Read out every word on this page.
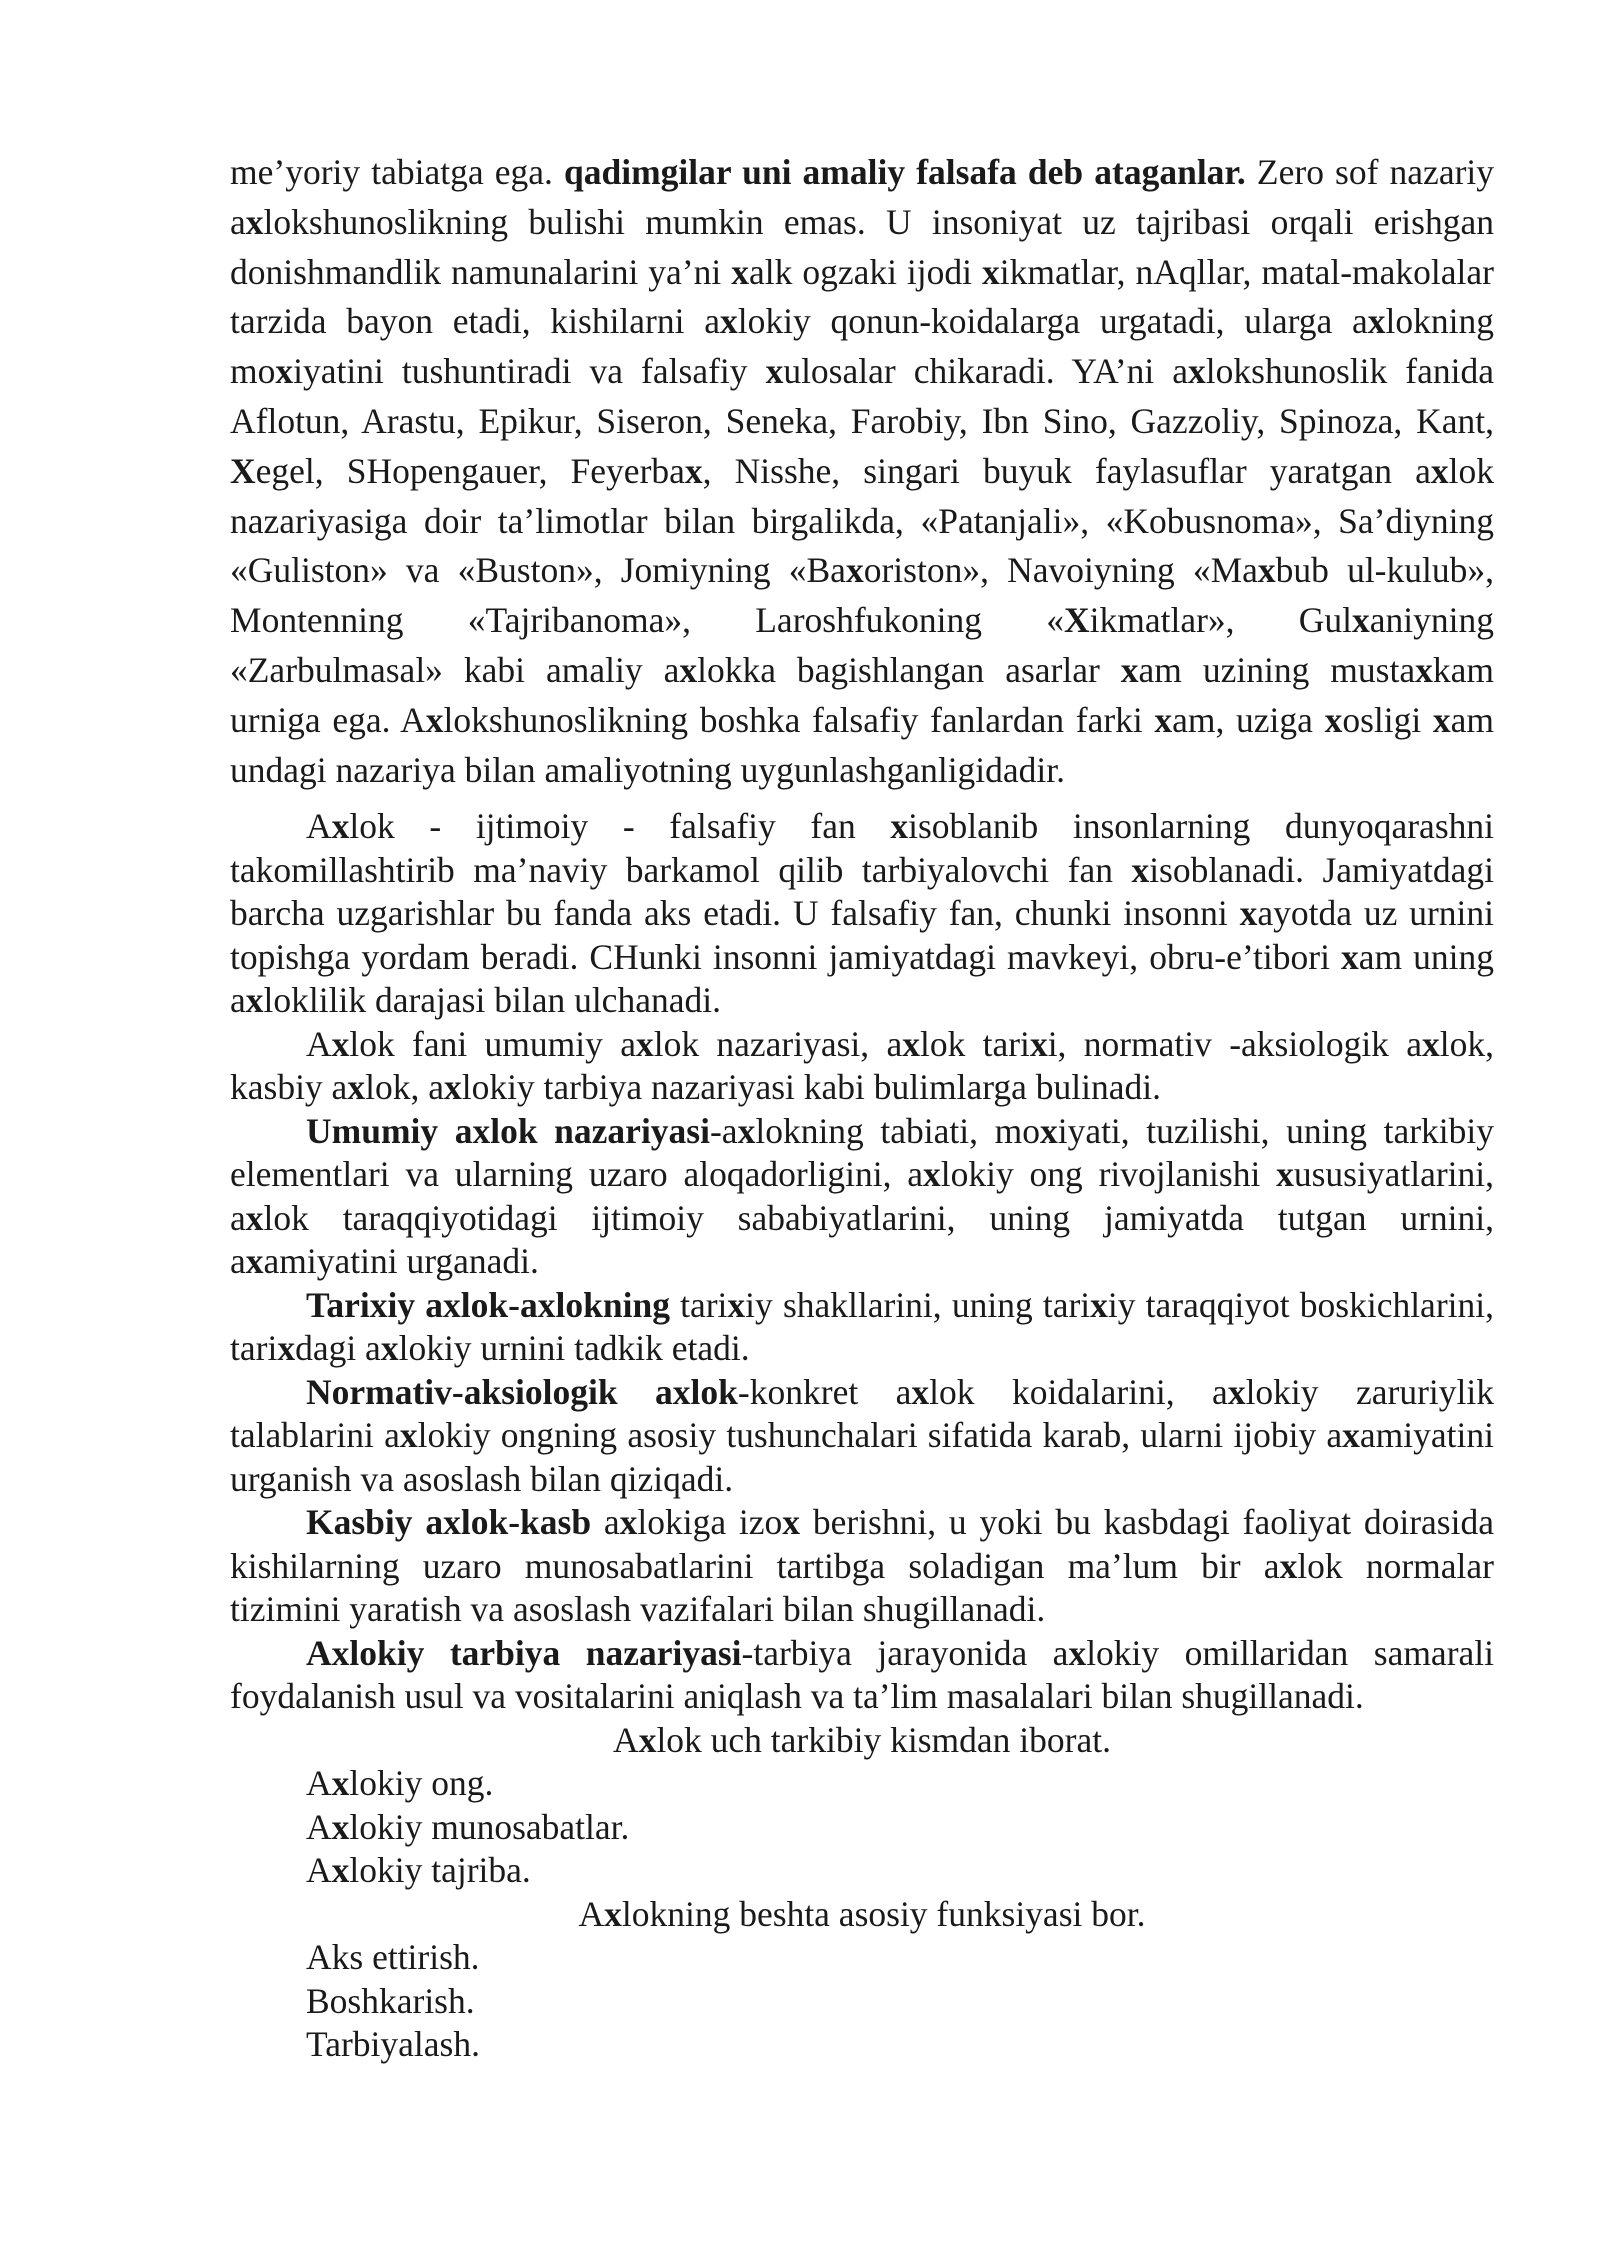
me’yoriy tabiatga ega. qadimgilar uni amaliy falsafa deb ataganlar. Zero sof nazariy axlokshunoslikning bulishi mumkin emas. U insoniyat uz tajribasi orqali erishgan donishmandlik namunalarini ya’ni xalk ogzaki ijodi xikmatlar, nAqllar, matal-makolalar tarzida bayon etadi, kishilarni axlokiy qonun-koidalarga urgatadi, ularga axlokning moxiyatini tushuntiradi va falsafiy xulosalar chikaradi. YA’ni axlokshunoslik fanida Aflotun, Arastu, Epikur, Siseron, Seneka, Farobiy, Ibn Sino, Gazzoliy, Spinoza, Kant, Xegel, SHopengauer, Feyerbax, Nisshe, singari buyuk faylasuflar yaratgan axlok nazariyasiga doir ta’limotlar bilan birgalikda, «Patanjali», «Kobusnoma», Sa’diyning «Guliston» va «Buston», Jomiyning «Baxoriston», Navoiyning «Maxbub ul-kulub», Montenning «Tajribanoma», Laroshfukoning «Xikmatlar», Gulxaniyning «Zarbulmasal» kabi amaliy axlokka bagishlangan asarlar xam uzining mustaxkam urniga ega. Axlokshunoslikning boshka falsafiy fanlardan farki xam, uziga xosligi xam undagi nazariya bilan amaliyotning uygunlashganligidadir.

Axlok - ijtimoiy - falsafiy fan xisoblanib insonlarning dunyoqarashni takomillashtirib ma’naviy barkamol qilib tarbiyalovchi fan xisoblanadi. Jamiyatdagi barcha uzgarishlar bu fanda aks etadi. U falsafiy fan, chunki insonni xayotda uz urnini topishga yordam beradi. CHunki insonni jamiyatdagi mavkeyi, obru-e’tibori xam uning axloklilik darajasi bilan ulchanadi.

Axlok fani umumiy axlok nazariyasi, axlok tarixi, normativ -aksiologik axlok, kasbiy axlok, axlokiy tarbiya nazariyasi kabi bulimlarga bulinadi.

Umumiy axlok nazariyasi-axlokning tabiati, moxiyati, tuzilishi, uning tarkibiy elementlari va ularning uzaro aloqadorligini, axlokiy ong rivojlanishi xususiyatlarini, axlok taraqqiyotidagi ijtimoiy sababiyatlarini, uning jamiyatda tutgan urnini, axamiyatini urganadi.

Tarixiy axlok-axlokning tarixiy shakllarini, uning tarixiy taraqqiyot boskichlarini, tarixdagi axlokiy urnini tadkik etadi.

Normativ-aksiologik axlok-konkret axlok koidalarini, axlokiy zaruriylik talablarini axlokiy ongning asosiy tushunchalari sifatida karab, ularni ijobiy axamiyatini urganish va asoslash bilan qiziqadi.

Kasbiy axlok-kasb axlokiga izox berishni, u yoki bu kasbdagi faoliyat doirasida kishilarning uzaro munosabatlarini tartibga soladigan ma’lum bir axlok normalar tizimini yaratish va asoslash vazifalari bilan shugillanadi.

Axlokiy tarbiya nazariyasi-tarbiya jarayonida axlokiy omillaridan samarali foydalanish usul va vositalarini aniqlash va ta’lim masalalari bilan shugillanadi.

Axlok uch tarkibiy kismdan iborat.

Axlokiy ong.

Axlokiy munosabatlar.

Axlokiy tajriba.

Axlokning beshta asosiy funksiyasi bor.

Aks ettirish.

Boshkarish.

Tarbiyalash.
